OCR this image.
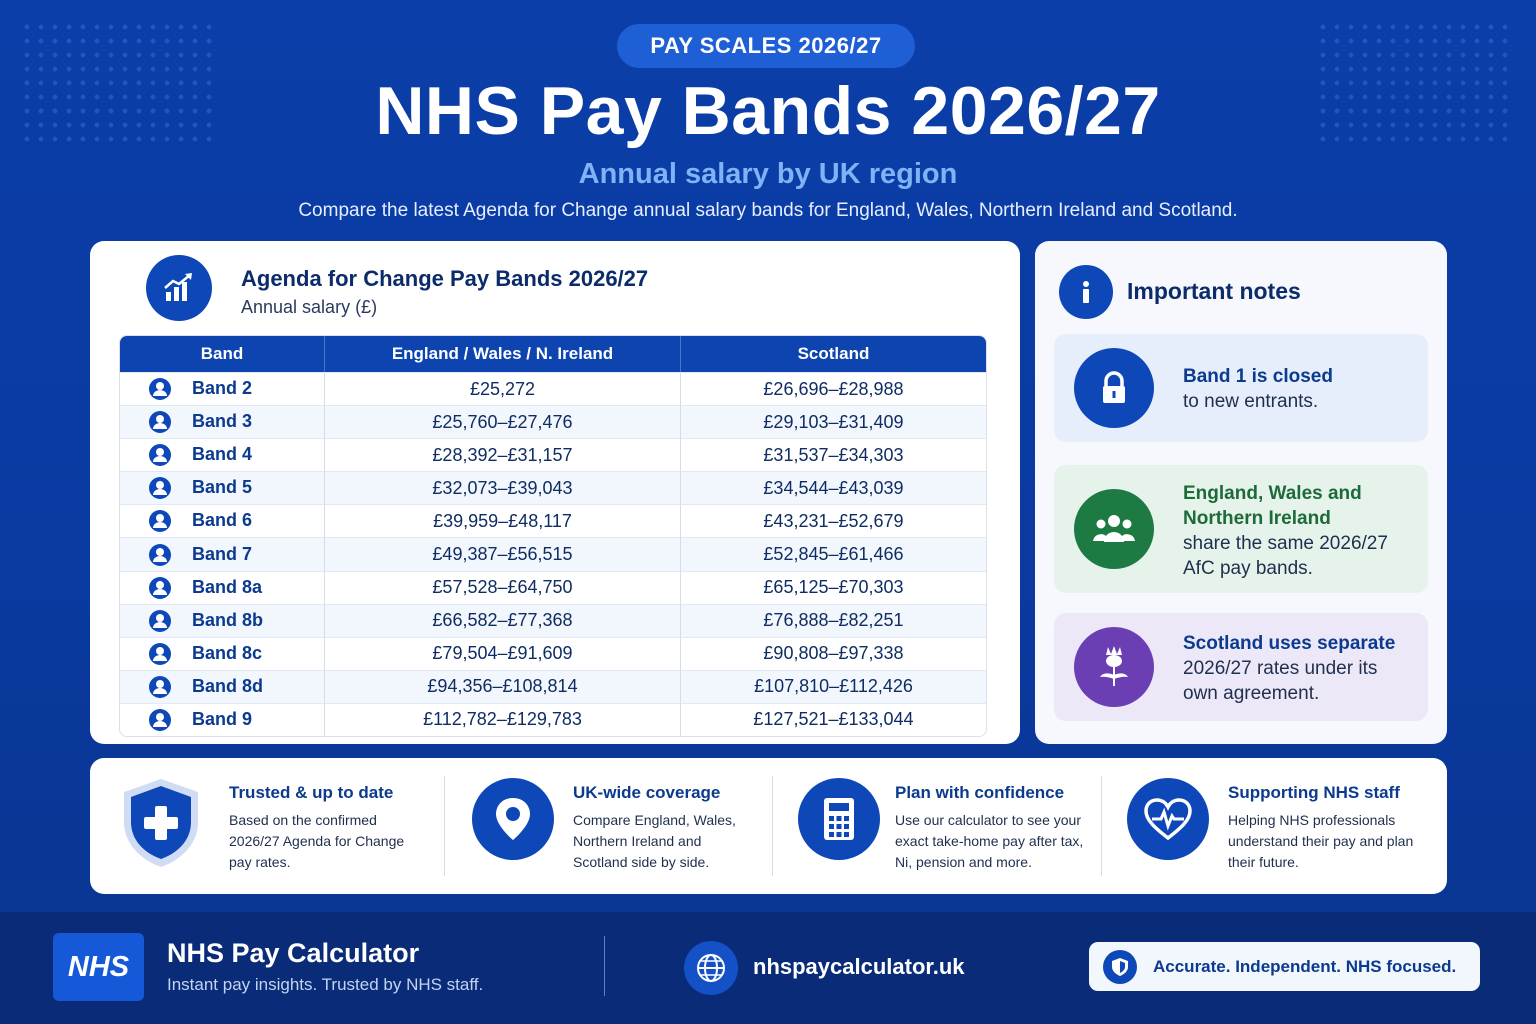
PAY SCALES 2026/27
NHS Pay Bands 2026/27
Annual salary by UK region
Compare the latest Agenda for Change annual salary bands for England, Wales, Northern Ireland and Scotland.
Agenda for Change Pay Bands 2026/27
Annual salary (£)
Band	England / Wales / N. Ireland	Scotland
Band 2	£25,272	£26,696–£28,988
Band 3	£25,760–£27,476	£29,103–£31,409
Band 4	£28,392–£31,157	£31,537–£34,303
Band 5	£32,073–£39,043	£34,544–£43,039
Band 6	£39,959–£48,117	£43,231–£52,679
Band 7	£49,387–£56,515	£52,845–£61,466
Band 8a	£57,528–£64,750	£65,125–£70,303
Band 8b	£66,582–£77,368	£76,888–£82,251
Band 8c	£79,504–£91,609	£90,808–£97,338
Band 8d	£94,356–£108,814	£107,810–£112,426
Band 9	£112,782–£129,783	£127,521–£133,044
Important notes
Band 1 is closed
to new entrants.
England, Wales and Northern Ireland
share the same 2026/27 AfC pay bands.
Scotland uses separate
2026/27 rates under its own agreement.
Trusted & up to date
Based on the confirmed 2026/27 Agenda for Change pay rates.
UK-wide coverage
Compare England, Wales, Northern Ireland and Scotland side by side.
Plan with confidence
Use our calculator to see your exact take-home pay after tax, Ni, pension and more.
Supporting NHS staff
Helping NHS professionals understand their pay and plan their future.
NHS	NHS Pay Calculator
Instant pay insights. Trusted by NHS staff.
nhspaycalculator.uk	Accurate. Independent. NHS focused.
